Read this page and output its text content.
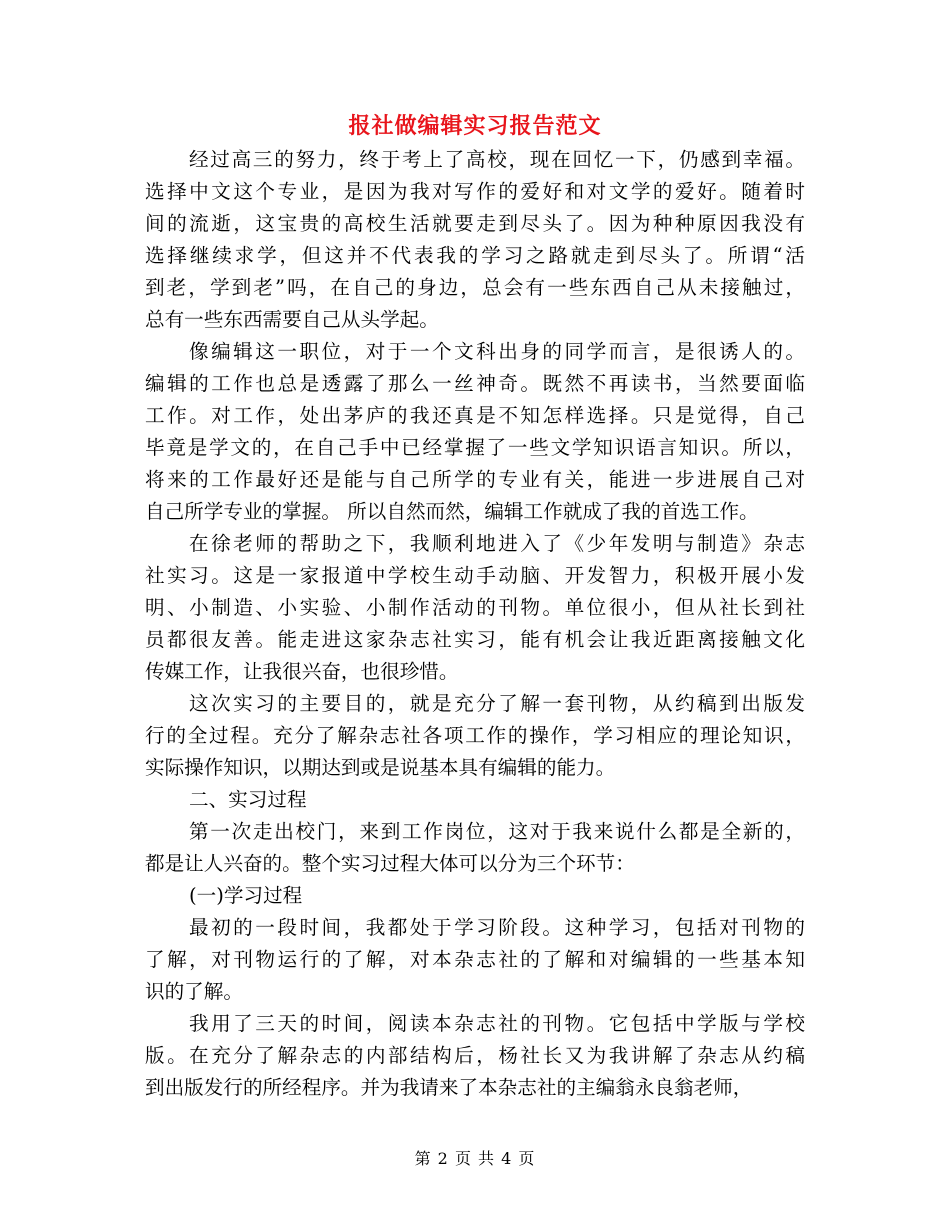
报社做编辑实习报告范文
经过高三的努力，终于考上了高校，现在回忆一下，仍感到幸福。
选择中文这个专业，是因为我对写作的爱好和对文学的爱好。随着时
间的流逝，这宝贵的高校生活就要走到尽头了。因为种种原因我没有
选择继续求学，但这并不代表我的学习之路就走到尽头了。所谓“活
到老，学到老”吗，在自己的身边，总会有一些东西自己从未接触过，
总有一些东西需要自己从头学起。
像编辑这一职位，对于一个文科出身的同学而言，是很诱人的。
编辑的工作也总是透露了那么一丝神奇。既然不再读书，当然要面临
工作。对工作，处出茅庐的我还真是不知怎样选择。只是觉得，自己
毕竟是学文的，在自己手中已经掌握了一些文学知识语言知识。所以，
将来的工作最好还是能与自己所学的专业有关，能进一步进展自己对
自己所学专业的掌握。 所以自然而然，编辑工作就成了我的首选工作。
在徐老师的帮助之下，我顺利地进入了《少年发明与制造》杂志
社实习。这是一家报道中学校生动手动脑、开发智力，积极开展小发
明、小制造、小实验、小制作活动的刊物。单位很小，但从社长到社
员都很友善。能走进这家杂志社实习，能有机会让我近距离接触文化
传媒工作，让我很兴奋，也很珍惜。
这次实习的主要目的，就是充分了解一套刊物，从约稿到出版发
行的全过程。充分了解杂志社各项工作的操作，学习相应的理论知识，
实际操作知识，以期达到或是说基本具有编辑的能力。
二、实习过程
第一次走出校门，来到工作岗位，这对于我来说什么都是全新的，
都是让人兴奋的。整个实习过程大体可以分为三个环节：
(一)学习过程
最初的一段时间，我都处于学习阶段。这种学习，包括对刊物的
了解，对刊物运行的了解，对本杂志社的了解和对编辑的一些基本知
识的了解。
我用了三天的时间，阅读本杂志社的刊物。它包括中学版与学校
版。在充分了解杂志的内部结构后，杨社长又为我讲解了杂志从约稿
到出版发行的所经程序。并为我请来了本杂志社的主编翁永良翁老师，
第 2 页 共 4 页
